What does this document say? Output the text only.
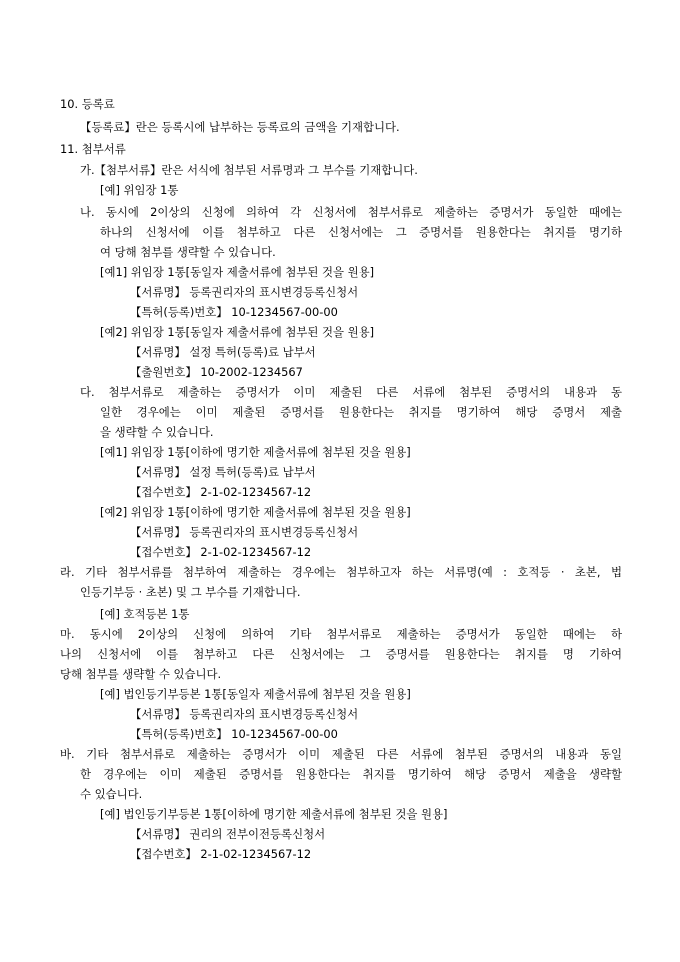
10. 등록료
【등록료】란은 등록시에 납부하는 등록료의 금액을 기재합니다.
11. 첨부서류
가.【첨부서류】란은 서식에 첨부된 서류명과 그 부수를 기재합니다.
[예] 위임장 1통
나. 동시에 2이상의 신청에 의하여 각 신청서에 첨부서류로 제출하는 증명서가 동일한 때에는
하나의 신청서에 이를 첨부하고 다른 신청서에는 그 증명서를 원용한다는 취지를 명기하
여 당해 첨부를 생략할 수 있습니다.
[예1] 위임장 1통[동일자 제출서류에 첨부된 것을 원용]
【서류명】 등록권리자의 표시변경등록신청서
【특허(등록)번호】 10-1234567-00-00
[예2] 위임장 1통[동일자 제출서류에 첨부된 것을 원용]
【서류명】 설정 특허(등록)료 납부서
【출원번호】 10-2002-1234567
다. 첨부서류로 제출하는 증명서가 이미 제출된 다른 서류에 첨부된 증명서의 내용과 동
일한 경우에는 이미 제출된 증명서를 원용한다는 취지를 명기하여 해당 증명서 제출
을 생략할 수 있습니다.
[예1] 위임장 1통[이하에 명기한 제출서류에 첨부된 것을 원용]
【서류명】 설정 특허(등록)료 납부서
【접수번호】 2-1-02-1234567-12
[예2] 위임장 1통[이하에 명기한 제출서류에 첨부된 것을 원용]
【서류명】 등록권리자의 표시변경등록신청서
【접수번호】 2-1-02-1234567-12
라. 기타 첨부서류를 첨부하여 제출하는 경우에는 첨부하고자 하는 서류명(예 : 호적등 · 초본, 법
인등기부등 · 초본) 및 그 부수를 기재합니다.
[예] 호적등본 1통
마. 동시에 2이상의 신청에 의하여 기타 첨부서류로 제출하는 증명서가 동일한 때에는 하
나의 신청서에 이를 첨부하고 다른 신청서에는 그 증명서를 원용한다는 취지를 명 기하여
당해 첨부를 생략할 수 있습니다.
[예] 법인등기부등본 1통[동일자 제출서류에 첨부된 것을 원용]
【서류명】 등록권리자의 표시변경등록신청서
【특허(등록)번호】 10-1234567-00-00
바. 기타 첨부서류로 제출하는 증명서가 이미 제출된 다른 서류에 첨부된 증명서의 내용과 동일
한 경우에는 이미 제출된 증명서를 원용한다는 취지를 명기하여 해당 증명서 제출을 생략할
수 있습니다.
[예] 법인등기부등본 1통[이하에 명기한 제출서류에 첨부된 것을 원용]
【서류명】 권리의 전부이전등록신청서
【접수번호】 2-1-02-1234567-12
